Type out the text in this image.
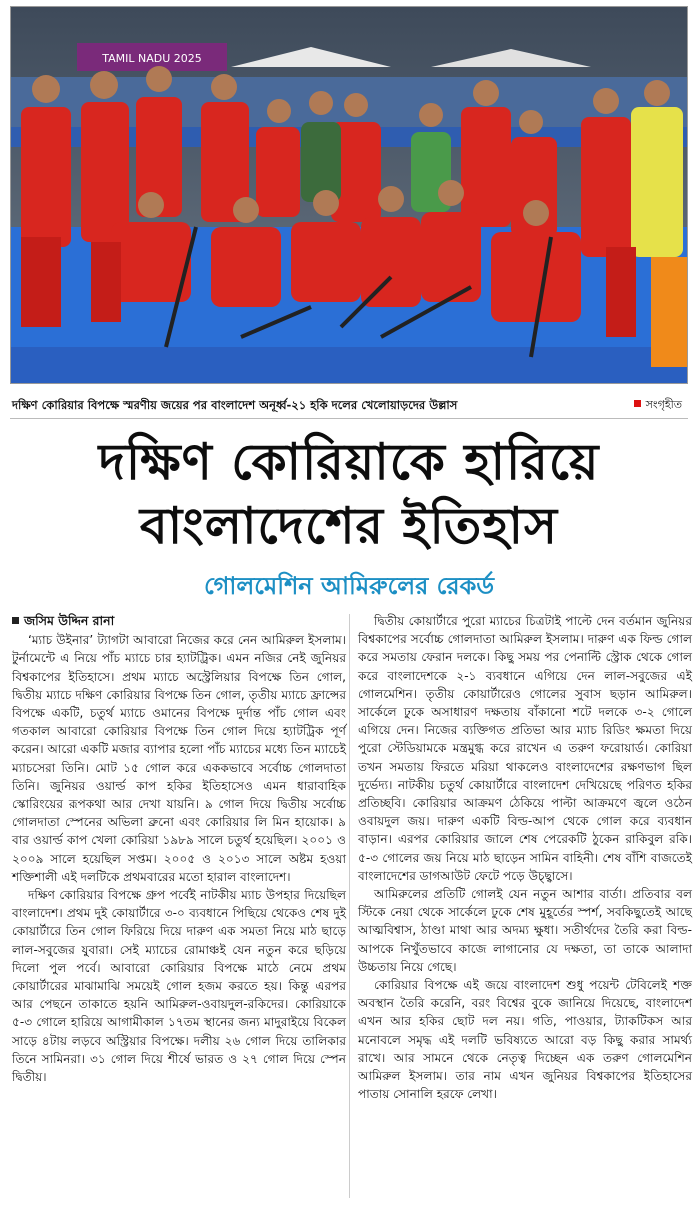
TAMIL NADU 2025
দক্ষিণ কোরিয়ার বিপক্ষে স্মরণীয় জয়ের পর বাংলাদেশ অনূর্ধ্ব-২১ হকি দলের খেলোয়াড়দের উল্লাস	সংগৃহীত
দক্ষিণ কোরিয়াকে হারিয়ে
বাংলাদেশের ইতিহাস
গোলমেশিন আমিরুলের রেকর্ড
জসিম উদ্দিন রানা

‘ম্যাচ উইনার’ ট্যাগটা আবারো নিজের করে নেন আমিরুল ইসলাম। টুর্নামেন্টে এ নিয়ে পাঁচ ম্যাচে চার হ্যাটট্রিক। এমন নজির নেই জুনিয়র বিশ্বকাপের ইতিহাসে। প্রথম ম্যাচে অস্ট্রেলিয়ার বিপক্ষে তিন গোল, দ্বিতীয় ম্যাচে দক্ষিণ কোরিয়ার বিপক্ষে তিন গোল, তৃতীয় ম্যাচে ফ্রান্সের বিপক্ষে একটি, চতুর্থ ম্যাচে ওমানের বিপক্ষে দুর্দান্ত পাঁচ গোল এবং গতকাল আবারো কোরিয়ার বিপক্ষে তিন গোল দিয়ে হ্যাটট্রিক পূর্ণ করেন। আরো একটি মজার ব্যাপার হলো পাঁচ ম্যাচের মধ্যে তিন ম্যাচেই ম্যাচসেরা তিনি। মোট ১৫ গোল করে এককভাবে সর্বোচ্চ গোলদাতা তিনি। জুনিয়র ওয়ার্ল্ড কাপ হকির ইতিহাসেও এমন ধারাবাহিক স্কোরিংয়ের রূপকথা আর দেখা যায়নি। ৯ গোল দিয়ে দ্বিতীয় সর্বোচ্চ গোলদাতা স্পেনের অভিলা ব্রুনো এবং কোরিয়ার লি মিন হায়োক। ৯ বার ওয়ার্ল্ড কাপ খেলা কোরিয়া ১৯৮৯ সালে চতুর্থ হয়েছিল। ২০০১ ও ২০০৯ সালে হয়েছিল সপ্তম। ২০০৫ ও ২০১৩ সালে অষ্টম হওয়া শক্তিশালী এই দলটিকে প্রথমবারের মতো হারাল বাংলাদেশ।

দক্ষিণ কোরিয়ার বিপক্ষে গ্রুপ পর্বেই নাটকীয় ম্যাচ উপহার দিয়েছিল বাংলাদেশ। প্রথম দুই কোয়ার্টারে ৩-০ ব্যবধানে পিছিয়ে থেকেও শেষ দুই কোয়ার্টারে তিন গোল ফিরিয়ে দিয়ে দারুণ এক সমতা নিয়ে মাঠ ছাড়ে লাল-সবুজের যুবারা। সেই ম্যাচের রোমাঞ্চই যেন নতুন করে ছড়িয়ে দিলো পুল পর্বে। আবারো কোরিয়ার বিপক্ষে মাঠে নেমে প্রথম কোয়ার্টারের মাঝামাঝি সময়েই গোল হজম করতে হয়। কিন্তু এরপর আর পেছনে তাকাতে হয়নি আমিরুল-ওবায়দুল-রকিদের। কোরিয়াকে ৫-৩ গোলে হারিয়ে আগামীকাল ১৭তম স্থানের জন্য মাদুরাইয়ে বিকেল সাড়ে ৪টায় লড়বে অস্ট্রিয়ার বিপক্ষে। দলীয় ২৬ গোল দিয়ে তালিকার তিনে সামিনরা। ৩১ গোল দিয়ে শীর্ষে ভারত ও ২৭ গোল দিয়ে স্পেন দ্বিতীয়।

দ্বিতীয় কোয়ার্টারে পুরো ম্যাচের চিত্রটাই পাল্টে দেন বর্তমান জুনিয়র বিশ্বকাপের সর্বোচ্চ গোলদাতা আমিরুল ইসলাম। দারুণ এক ফিল্ড গোল করে সমতায় ফেরান দলকে। কিছু সময় পর পেনাল্টি স্ট্রোক থেকে গোল করে বাংলাদেশকে ২-১ ব্যবধানে এগিয়ে দেন লাল-সবুজের এই গোলমেশিন। তৃতীয় কোয়ার্টারেও গোলের সুবাস ছড়ান আমিরুল। সার্কেলে ঢুকে অসাধারণ দক্ষতায় বাঁকানো শটে দলকে ৩-২ গোলে এগিয়ে দেন। নিজের ব্যক্তিগত প্রতিভা আর ম্যাচ রিডিং ক্ষমতা দিয়ে পুরো স্টেডিয়ামকে মন্ত্রমুগ্ধ করে রাখেন এ তরুণ ফরোয়ার্ড। কোরিয়া তখন সমতায় ফিরতে মরিয়া থাকলেও বাংলাদেশের রক্ষণভাগ ছিল দুর্ভেদ্য। নাটকীয় চতুর্থ কোয়ার্টারে বাংলাদেশ দেখিয়েছে পরিণত হকির প্রতিচ্ছবি। কোরিয়ার আক্রমণ ঠেকিয়ে পাল্টা আক্রমণে জ্বলে ওঠেন ওবায়দুল জয়। দারুণ একটি বিল্ড-আপ থেকে গোল করে ব্যবধান বাড়ান। এরপর কোরিয়ার জালে শেষ পেরেকটি ঠুকেন রাকিবুল রকি। ৫-৩ গোলের জয় নিয়ে মাঠ ছাড়েন সামিন বাহিনী। শেষ বাঁশি বাজতেই বাংলাদেশের ডাগআউট ফেটে পড়ে উচ্ছ্বাসে।

আমিরুলের প্রতিটি গোলই যেন নতুন আশার বার্তা। প্রতিবার বল স্টিকে নেয়া থেকে সার্কেলে ঢুকে শেষ মুহূর্তের স্পর্শ, সবকিছুতেই আছে আত্মবিশ্বাস, ঠাণ্ডা মাথা আর অদম্য ক্ষুধা। সতীর্থদের তৈরি করা বিল্ড-আপকে নিখুঁতভাবে কাজে লাগানোর যে দক্ষতা, তা তাকে আলাদা উচ্চতায় নিয়ে গেছে।

কোরিয়ার বিপক্ষে এই জয়ে বাংলাদেশ শুধু পয়েন্ট টেবিলেই শক্ত অবস্থান তৈরি করেনি, বরং বিশ্বের বুকে জানিয়ে দিয়েছে, বাংলাদেশ এখন আর হকির ছোট দল নয়। গতি, পাওয়ার, ট্যাকটিকস আর মনোবলে সমৃদ্ধ এই দলটি ভবিষ্যতে আরো বড় কিছু করার সামর্থ্য রাখে। আর সামনে থেকে নেতৃত্ব দিচ্ছেন এক তরুণ গোলমেশিন আমিরুল ইসলাম। তার নাম এখন জুনিয়র বিশ্বকাপের ইতিহাসের পাতায় সোনালি হরফে লেখা।
